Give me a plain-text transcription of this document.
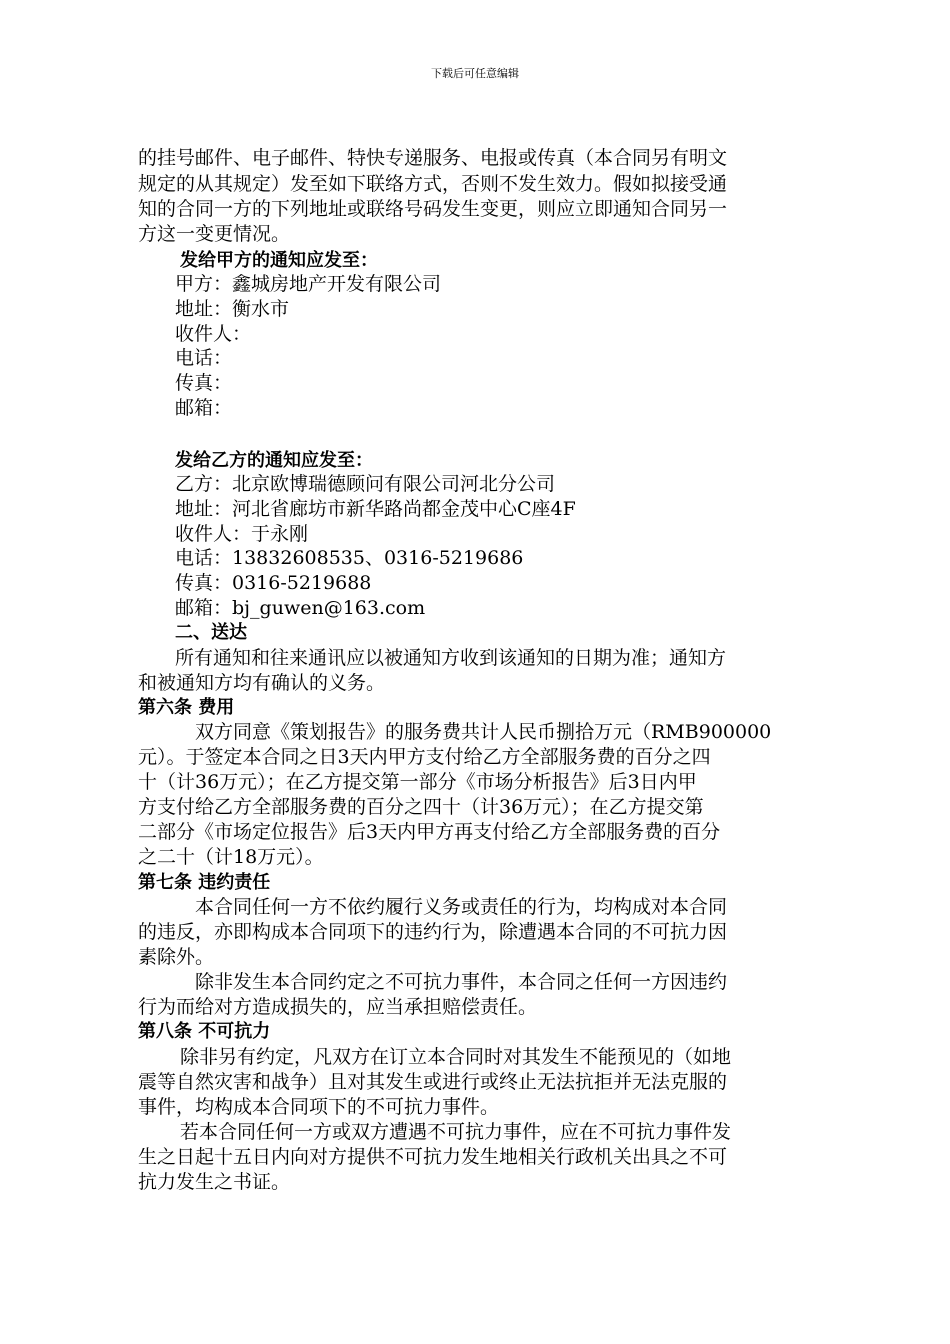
下载后可任意编辑
的挂号邮件、电子邮件、特快专递服务、电报或传真（本合同另有明文
规定的从其规定）发至如下联络方式，否则不发生效力。假如拟接受通
知的合同一方的下列地址或联络号码发生变更，则应立即通知合同另一
方这一变更情况。
发给甲方的通知应发至：
甲方：鑫城房地产开发有限公司
地址：衡水市
收件人：
电话：
传真：
邮箱：
发给乙方的通知应发至：
乙方：北京欧博瑞德顾问有限公司河北分公司
地址：河北省廊坊市新华路尚都金茂中心C座4F
收件人：于永刚
电话：13832608535、0316-5219686
传真：0316-5219688
邮箱：bj_guwen@163.com
二、送达
所有通知和往来通讯应以被通知方收到该通知的日期为准；通知方
和被通知方均有确认的义务。
第六条 费用
双方同意《策划报告》的服务费共计人民币捌拾万元（RMB900000
元）。于签定本合同之日3天内甲方支付给乙方全部服务费的百分之四
十（计36万元）；在乙方提交第一部分《市场分析报告》后3日内甲
方支付给乙方全部服务费的百分之四十（计36万元）；在乙方提交第
二部分《市场定位报告》后3天内甲方再支付给乙方全部服务费的百分
之二十（计18万元）。
第七条 违约责任
本合同任何一方不依约履行义务或责任的行为，均构成对本合同
的违反，亦即构成本合同项下的违约行为，除遭遇本合同的不可抗力因
素除外。
除非发生本合同约定之不可抗力事件，本合同之任何一方因违约
行为而给对方造成损失的，应当承担赔偿责任。
第八条 不可抗力
除非另有约定，凡双方在订立本合同时对其发生不能预见的（如地
震等自然灾害和战争）且对其发生或进行或终止无法抗拒并无法克服的
事件，均构成本合同项下的不可抗力事件。
若本合同任何一方或双方遭遇不可抗力事件，应在不可抗力事件发
生之日起十五日内向对方提供不可抗力发生地相关行政机关出具之不可
抗力发生之书证。
